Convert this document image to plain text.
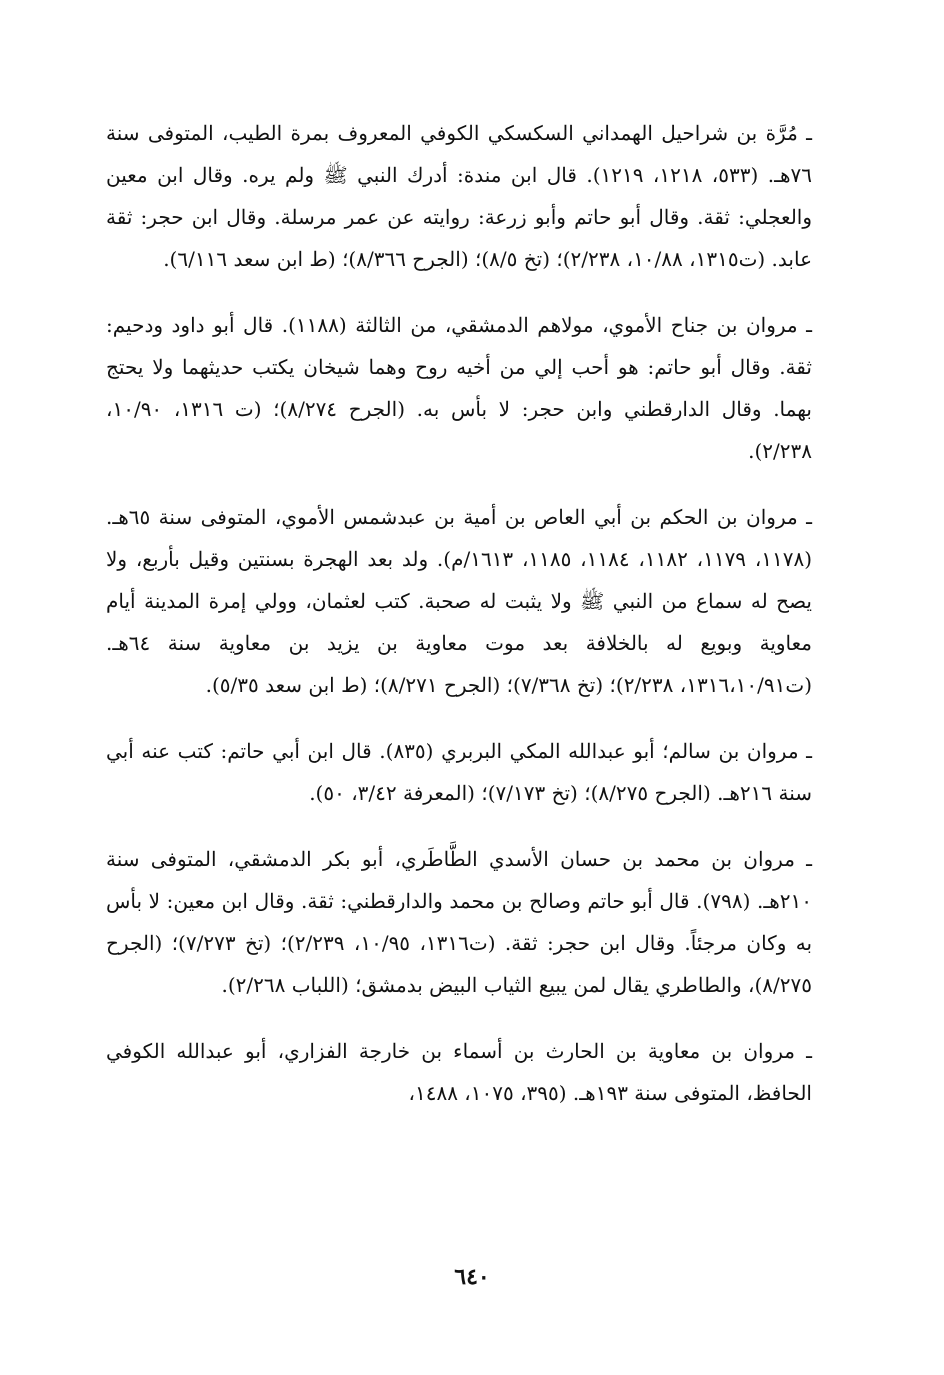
ـ مُرَّة بن شراحيل الهمداني السكسكي الكوفي المعروف بمرة الطيب، المتوفى سنة ٧٦هـ. (٥٣٣، ١٢١٨، ١٢١٩). قال ابن مندة: أدرك النبي ﷺ ولم يره. وقال ابن معين والعجلي: ثقة. وقال أبو حاتم وأبو زرعة: روايته عن عمر مرسلة. وقال ابن حجر: ثقة عابد. (ت١٣١٥، ١٠/٨٨، ٢/٢٣٨)؛ (تخ ٨/٥)؛ (الجرح ٨/٣٦٦)؛ (ط ابن سعد ٦/١١٦).

ـ مروان بن جناح الأموي، مولاهم الدمشقي، من الثالثة (١١٨٨). قال أبو داود ودحيم: ثقة. وقال أبو حاتم: هو أحب إلي من أخيه روح وهما شيخان يكتب حديثهما ولا يحتج بهما. وقال الدارقطني وابن حجر: لا بأس به. (الجرح ٨/٢٧٤)؛ (ت ١٣١٦، ١٠/٩٠، ٢/٢٣٨).

ـ مروان بن الحكم بن أبي العاص بن أمية بن عبدشمس الأموي، المتوفى سنة ٦٥هـ. (١١٧٨، ١١٧٩، ١١٨٢، ١١٨٤، ١١٨٥، ١٦١٣/م). ولد بعد الهجرة بسنتين وقيل بأربع، ولا يصح له سماع من النبي ﷺ ولا يثبت له صحبة. كتب لعثمان، وولي إمرة المدينة أيام معاوية وبويع له بالخلافة بعد موت معاوية بن يزيد بن معاوية سنة ٦٤هـ. (ت١٣١٦،١٠/٩١، ٢/٢٣٨)؛ (تخ ٧/٣٦٨)؛ (الجرح ٨/٢٧١)؛ (ط ابن سعد ٥/٣٥).

ـ مروان بن سالم؛ أبو عبدالله المكي البربري (٨٣٥). قال ابن أبي حاتم: كتب عنه أبي سنة ٢١٦هـ. (الجرح ٨/٢٧٥)؛ (تخ ٧/١٧٣)؛ (المعرفة ٣/٤٢، ٥٠).

ـ مروان بن محمد بن حسان الأسدي الطَّاطَري، أبو بكر الدمشقي، المتوفى سنة ٢١٠هـ. (٧٩٨). قال أبو حاتم وصالح بن محمد والدارقطني: ثقة. وقال ابن معين: لا بأس به وكان مرجئاً. وقال ابن حجر: ثقة. (ت١٣١٦، ١٠/٩٥، ٢/٢٣٩)؛ (تخ ٧/٢٧٣)؛ (الجرح ٨/٢٧٥)، والطاطري يقال لمن يبيع الثياب البيض بدمشق؛ (اللباب ٢/٢٦٨).

ـ مروان بن معاوية بن الحارث بن أسماء بن خارجة الفزاري، أبو عبدالله الكوفي الحافظ، المتوفى سنة ١٩٣هـ. (٣٩٥، ١٠٧٥، ١٤٨٨،

٦٤٠
